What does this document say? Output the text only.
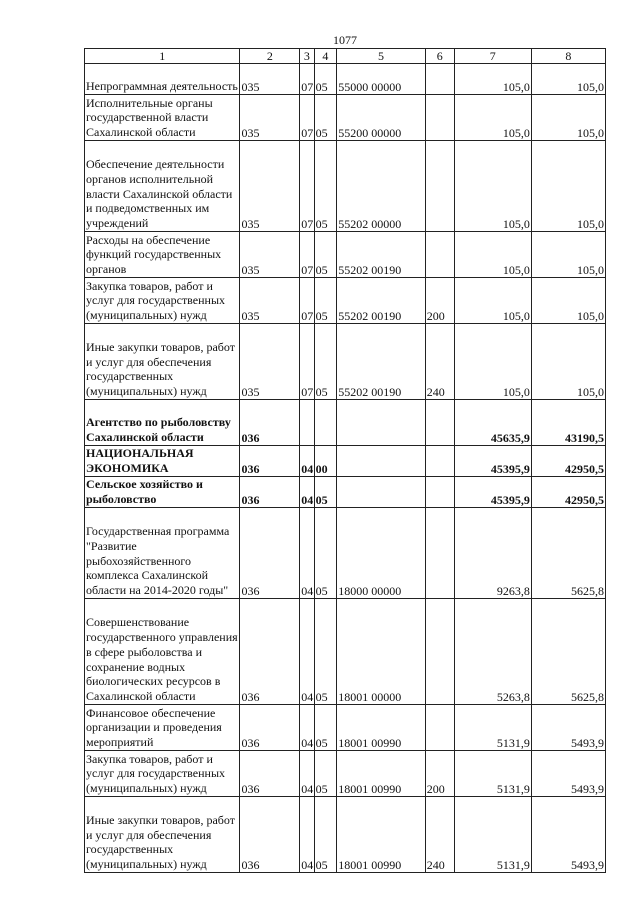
1077
1	2	3	4	5	6	7	8
Непрограммная деятельность	035	07	05	55000 00000		105,0	105,0
Исполнительные органы государственной власти Сахалинской области	035	07	05	55200 00000		105,0	105,0
Обеспечение деятельности органов исполнительной власти Сахалинской области и подведомственных им учреждений	035	07	05	55202 00000		105,0	105,0
Расходы на обеспечение функций государственных органов	035	07	05	55202 00190		105,0	105,0
Закупка товаров, работ и услуг для государственных (муниципальных) нужд	035	07	05	55202 00190	200	105,0	105,0
Иные закупки товаров, работ и услуг для обеспечения государственных (муниципальных) нужд	035	07	05	55202 00190	240	105,0	105,0
Агентство по рыболовству Сахалинской области	036					45635,9	43190,5
НАЦИОНАЛЬНАЯ ЭКОНОМИКА	036	04	00			45395,9	42950,5
Сельское хозяйство и рыболовство	036	04	05			45395,9	42950,5
Государственная программа "Развитие рыбохозяйственного комплекса Сахалинской области на 2014-2020 годы"	036	04	05	18000 00000		9263,8	5625,8
Совершенствование государственного управления в сфере рыболовства и сохранение водных биологических ресурсов в Сахалинской области	036	04	05	18001 00000		5263,8	5625,8
Финансовое обеспечение организации и проведения мероприятий	036	04	05	18001 00990		5131,9	5493,9
Закупка товаров, работ и услуг для государственных (муниципальных) нужд	036	04	05	18001 00990	200	5131,9	5493,9
Иные закупки товаров, работ и услуг для обеспечения государственных (муниципальных) нужд	036	04	05	18001 00990	240	5131,9	5493,9
